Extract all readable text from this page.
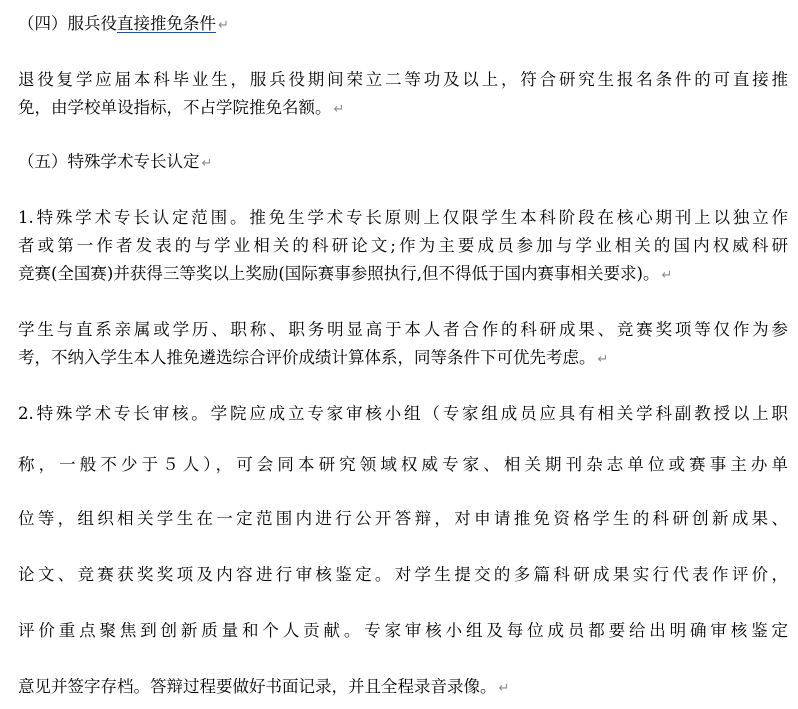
（四）服兵役直接推免条件 ↵
退役复学应届本科毕业生，服兵役期间荣立二等功及以上，符合研究生报名条件的可直接推
免，由学校单设指标，不占学院推免名额。 ↵
（五）特殊学术专长认定 ↵
1.特殊学术专长认定范围。推免生学术专长原则上仅限学生本科阶段在核心期刊上以独立作
者或第一作者发表的与学业相关的科研论文;作为主要成员参加与学业相关的国内权威科研
竞赛(全国赛)并获得三等奖以上奖励(国际赛事参照执行,但不得低于国内赛事相关要求)。 ↵
学生与直系亲属或学历、职称、职务明显高于本人者合作的科研成果、竞赛奖项等仅作为参
考，不纳入学生本人推免遴选综合评价成绩计算体系，同等条件下可优先考虑。 ↵
2.特殊学术专长审核。学院应成立专家审核小组（专家组成员应具有相关学科副教授以上职
称，一般不少于５人），可会同本研究领域权威专家、相关期刊杂志单位或赛事主办单
位等，组织相关学生在一定范围内进行公开答辩，对申请推免资格学生的科研创新成果、
论文、竞赛获奖奖项及内容进行审核鉴定。对学生提交的多篇科研成果实行代表作评价，
评价重点聚焦到创新质量和个人贡献。专家审核小组及每位成员都要给出明确审核鉴定
意见并签字存档。答辩过程要做好书面记录，并且全程录音录像。 ↵
